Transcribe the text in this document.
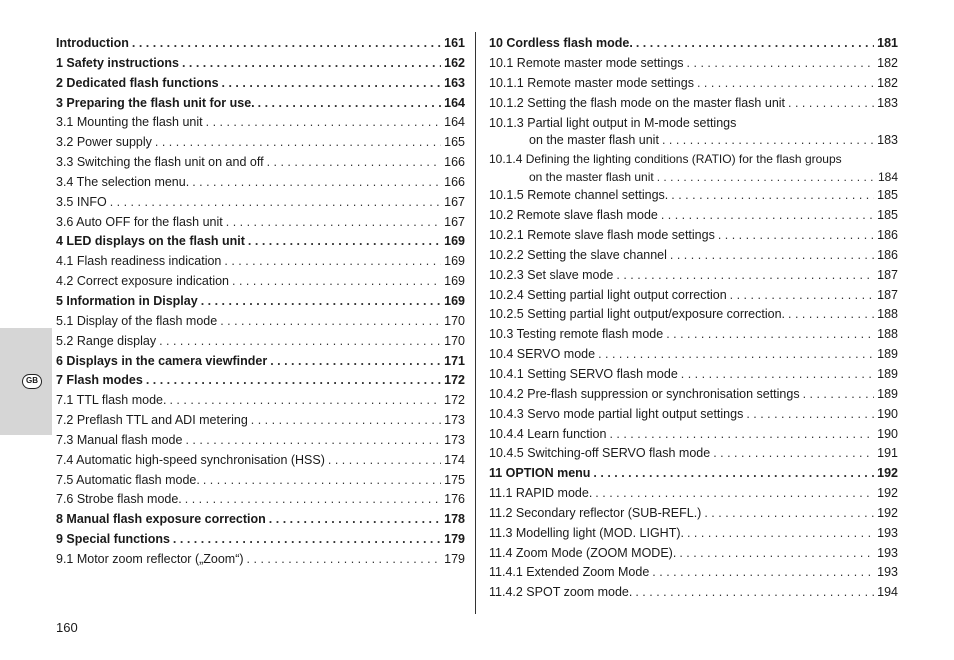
GB
Introduction . . .	161
1 Safety instructions . . .	162
2 Dedicated flash functions . . .	163
3 Preparing the flash unit for use. . . .	164
3.1 Mounting the flash unit . . .	164
3.2 Power supply . . .	165
3.3 Switching the flash unit on and off . . .	166
3.4 The selection menu. . . .	166
3.5 INFO . . .	167
3.6 Auto OFF for the flash unit . . .	167
4 LED displays on the flash unit . . .	169
4.1 Flash readiness indication . . .	169
4.2 Correct exposure indication . . .	169
5 Information in Display . . .	169
5.1 Display of the flash mode . . .	170
5.2 Range display . . .	170
6 Displays in the camera viewfinder . . .	171
7 Flash modes . . .	172
7.1 TTL flash mode. . . .	172
7.2 Preflash TTL and ADI metering . . .	173
7.3 Manual flash mode . . .	173
7.4 Automatic high-speed synchronisation (HSS) . . .	174
7.5 Automatic flash mode. . . .	175
7.6 Strobe flash mode. . . .	176
8 Manual flash exposure correction . . .	178
9 Special functions . . .	179
9.1 Motor zoom reflector („Zoom“) . . .	179
10 Cordless flash mode. . . .	181
10.1 Remote master mode settings . . .	182
10.1.1 Remote master mode settings . . .	182
10.1.2 Setting the flash mode on the master flash unit . . .	183
10.1.3 Partial light output in M-mode settings
on the master flash unit . . .	183
10.1.4 Defining the lighting conditions (RATIO) for the flash groups
on the master flash unit . . .	184
10.1.5 Remote channel settings. . . .	185
10.2 Remote slave flash mode . . .	185
10.2.1 Remote slave flash mode settings . . .	186
10.2.2 Setting the slave channel . . .	186
10.2.3 Set slave mode . . .	187
10.2.4 Setting partial light output correction . . .	187
10.2.5 Setting partial light output/exposure correction. . . .	188
10.3 Testing remote flash mode . . .	188
10.4 SERVO mode . . .	189
10.4.1 Setting SERVO flash mode . . .	189
10.4.2 Pre-flash suppression or synchronisation settings . . .	189
10.4.3 Servo mode partial light output settings . . .	190
10.4.4 Learn function . . .	190
10.4.5 Switching-off SERVO flash mode . . .	191
11 OPTION menu . . .	192
11.1 RAPID mode. . . .	192
11.2 Secondary reflector (SUB-REFL.) . . .	192
11.3 Modelling light (MOD. LIGHT). . . .	193
11.4 Zoom Mode (ZOOM MODE). . . .	193
11.4.1 Extended Zoom Mode . . .	193
11.4.2 SPOT zoom mode. . . .	194
160
